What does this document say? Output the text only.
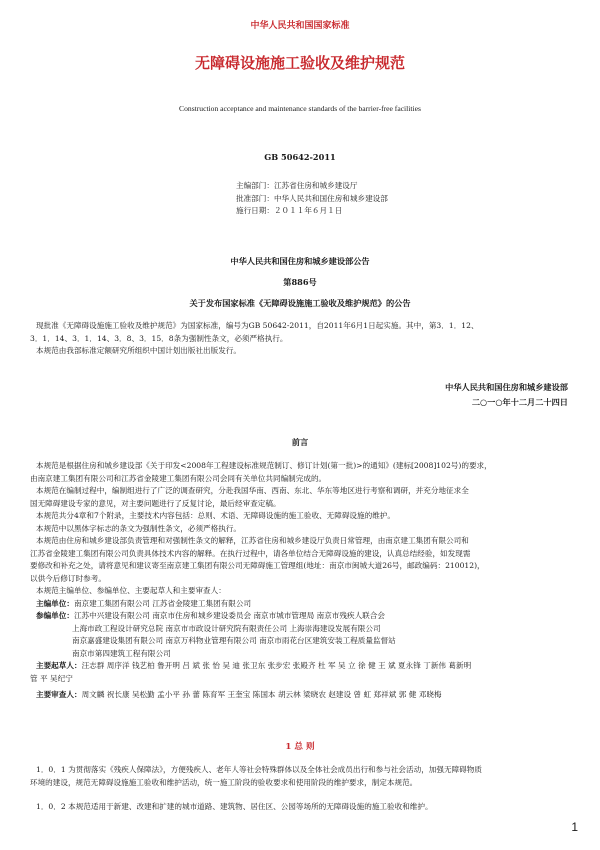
中华人民共和国国家标准
无障碍设施施工验收及维护规范
Construction acceptance and maintenance standards of the barrier-free facilities
GB 50642-2011
主编部门：江苏省住房和城乡建设厅
批准部门：中华人民共和国住房和城乡建设部
施行日期：２０１１年６月１日
中华人民共和国住房和城乡建设部公告
第886号
关于发布国家标准《无障碍设施施工验收及维护规范》的公告
现批准《无障碍设施施工验收及维护规范》为国家标准，编号为GB 50642-2011，自2011年6月1日起实施。其中，第3．1．12、
3．1．14、3．1．14、3．8、3．15．8条为强制性条文，必须严格执行。
本规范由我部标准定额研究所组织中国计划出版社出版发行。
中华人民共和国住房和城乡建设部
二○一○年十二月二十四日
前言
本规范是根据住房和城乡建设部《关于印发<2008年工程建设标准规范制订、修订计划(第一批)>的通知》(建标[2008]102号)的要求，
由南京建工集团有限公司和江苏省金陵建工集团有限公司会同有关单位共同编制完成的。
本规范在编制过程中，编制组进行了广泛的调查研究，分赴我国华南、西南、东北、华东等地区进行考察和调研，并充分地征求全
国无障碍建设专家的意见，对主要问题进行了反复讨论，最后经审查定稿。
本规范共分4章和7个附录，主要技术内容包括：总则、术语、无障碍设施的施工验收、无障碍设施的维护。
本规范中以黑体字标志的条文为强制性条文，必须严格执行。
本规范由住房和城乡建设部负责管理和对强制性条文的解释，江苏省住房和城乡建设厅负责日常管理，由南京建工集团有限公司和
江苏省金陵建工集团有限公司负责具体技术内容的解释。在执行过程中，请各单位结合无障碍设施的建设，认真总结经验，如发现需
要修改和补充之处，请将意见和建议寄至南京建工集团有限公司无障碍施工管理组(地址：南京市闽城大道26号，邮政编码：210012)，
以供今后修订时参考。
本规范主编单位、参编单位、主要起草人和主要审查人：
主编单位：南京建工集团有限公司 江苏省金陵建工集团有限公司
参编单位：江苏中兴建设有限公司 南京市住房和城乡建设委员会 南京市城市管理局 南京市残疾人联合会
上海市政工程设计研究总院 南京市市政设计研究院有限责任公司 上海崇海建设发展有限公司
南京嘉盛建设集团有限公司 南京万科物业管理有限公司 南京市雨花台区建筑安装工程质量监督站
南京市第四建筑工程有限公司
主要起草人：汪志群 周序洋 钱艺柏 鲁开明 吕 斌 张 怡 吴 迪 张卫东 张步宏 张殿齐 杜 军 吴 立 徐 健 王 斌 夏永锋 丁新伟 葛新明
管 平 吴纪宁
主要审查人：周文麟 祝长康 吴松勤 孟小平 孙 蕾 陈育军 王奎宝 陈国本 胡云林 梁晓农 赵建设 曾 虹 郑祥斌 郭 健 邓晓梅
1 总 则
1．0．1 为贯彻落实《残疾人保障法》，方便残疾人、老年人等社会特殊群体以及全体社会成员出行和参与社会活动，加强无障碍物质
环境的建设，规范无障碍设施施工验收和维护活动，统一施工阶段的验收要求和使用阶段的维护要求，制定本规范。
1．0．2 本规范适用于新建、改建和扩建的城市道路、建筑物、居住区、公园等场所的无障碍设施的施工验收和维护。
1
